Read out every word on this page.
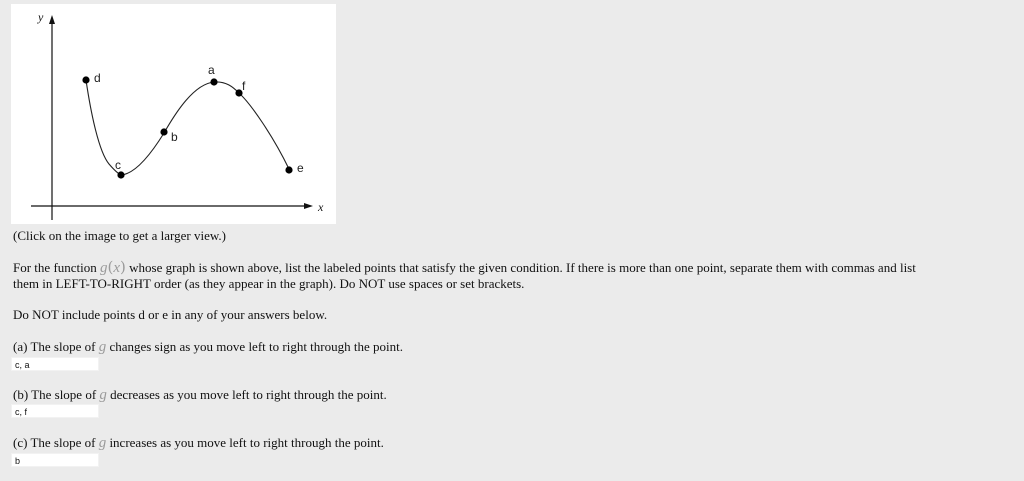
y
x
d
c
b
a
f
e

(Click on the image to get a larger view.)

For the function g(x) whose graph is shown above, list the labeled points that satisfy the given condition. If there is more than one point, separate them with commas and list

them in LEFT-TO-RIGHT order (as they appear in the graph). Do NOT use spaces or set brackets.

Do NOT include points d or e in any of your answers below.

(a) The slope of g changes sign as you move left to right through the point.

c, a

(b) The slope of g decreases as you move left to right through the point.

c, f

(c) The slope of g increases as you move left to right through the point.

b
